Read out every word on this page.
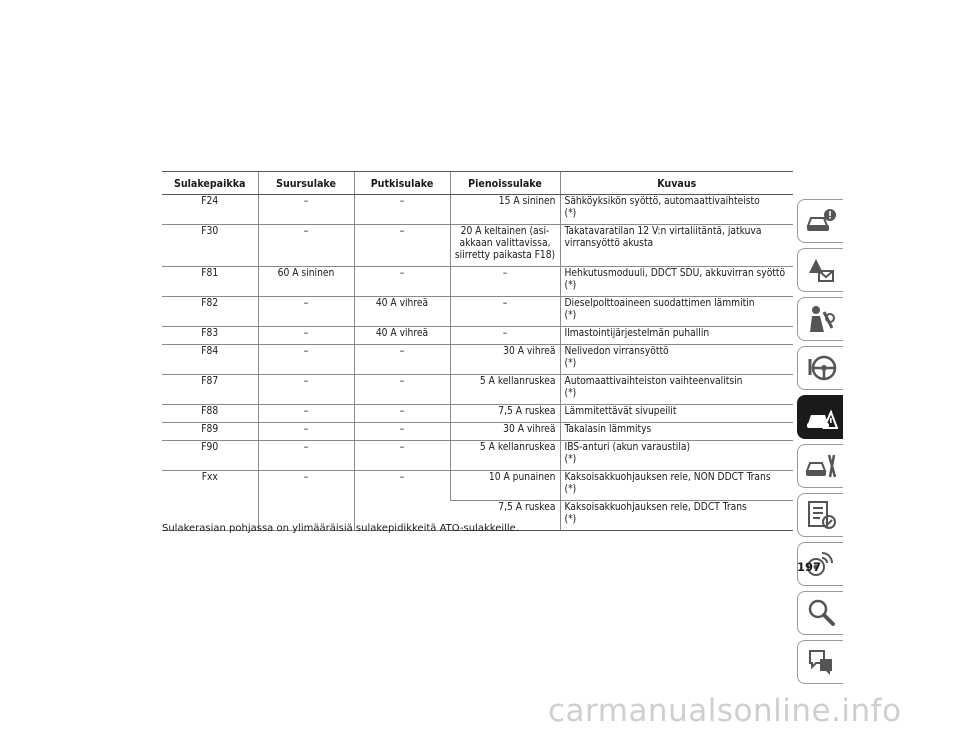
Sulakepaikka	Suursulake	Putkisulake	Pienoissulake	Kuvaus
F24	–	–	15 A sininen	Sähköyksikön syöttö, automaattivaihteisto
(*)

F30	–	–	20 A keltainen (asiakkaan valittavissa, siirretty paikasta F18)	Takatavaratilan 12 V:n virtaliitäntä, jatkuva virransyöttö akusta

F81	60 A sininen	–	–	Hehkutusmoduuli, DDCT SDU, akkuvirran syöttö
(*)

F82	–	40 A vihreä	–	Dieselpolttoaineen suodattimen lämmitin
(*)

F83	–	40 A vihreä	–	Ilmastointijärjestelmän puhallin
F84	–	–	30 A vihreä	Nelivedon virransyöttö
(*)

F87	–	–	5 A kellanruskea	Automaattivaihteiston vaihteenvalitsin
(*)

F88	–	–	7,5 A ruskea	Lämmitettävät sivupeilit
F89	–	–	30 A vihreä	Takalasin lämmitys
F90	–	–	5 A kellanruskea	IBS-anturi (akun varaustila)
(*)

Fxx	–	–	10 A punainen	Kaksoisakkuohjauksen rele, NON DDCT Trans
(*)

			7,5 A ruskea	Kaksoisakkuohjauksen rele, DDCT Trans
(*)
Sulakerasian pohjassa on ylimääräisiä sulakepidikkeitä ATO-sulakkeille.
197
carmanualsonline.info
